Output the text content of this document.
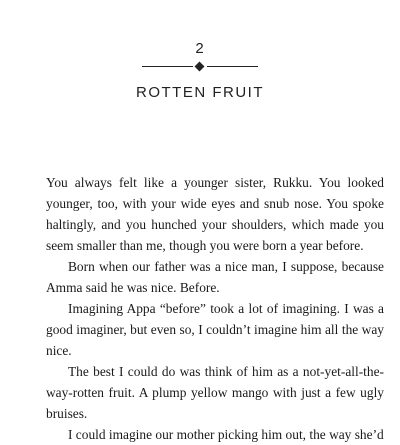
2
ROTTEN FRUIT

You always felt like a younger sister, Rukku. You looked younger, too, with your wide eyes and snub nose. You spoke haltingly, and you hunched your shoulders, which made you seem smaller than me, though you were born a year before.

Born when our father was a nice man, I suppose, because Amma said he was nice. Before.

Imagining Appa “before” took a lot of imagining. I was a good imaginer, but even so, I couldn’t imagine him all the way nice.

The best I could do was think of him as a not-yet-all-the-way-rotten fruit. A plump yellow mango with just a few ugly bruises.

I could imagine our mother picking him out, the way she’d
